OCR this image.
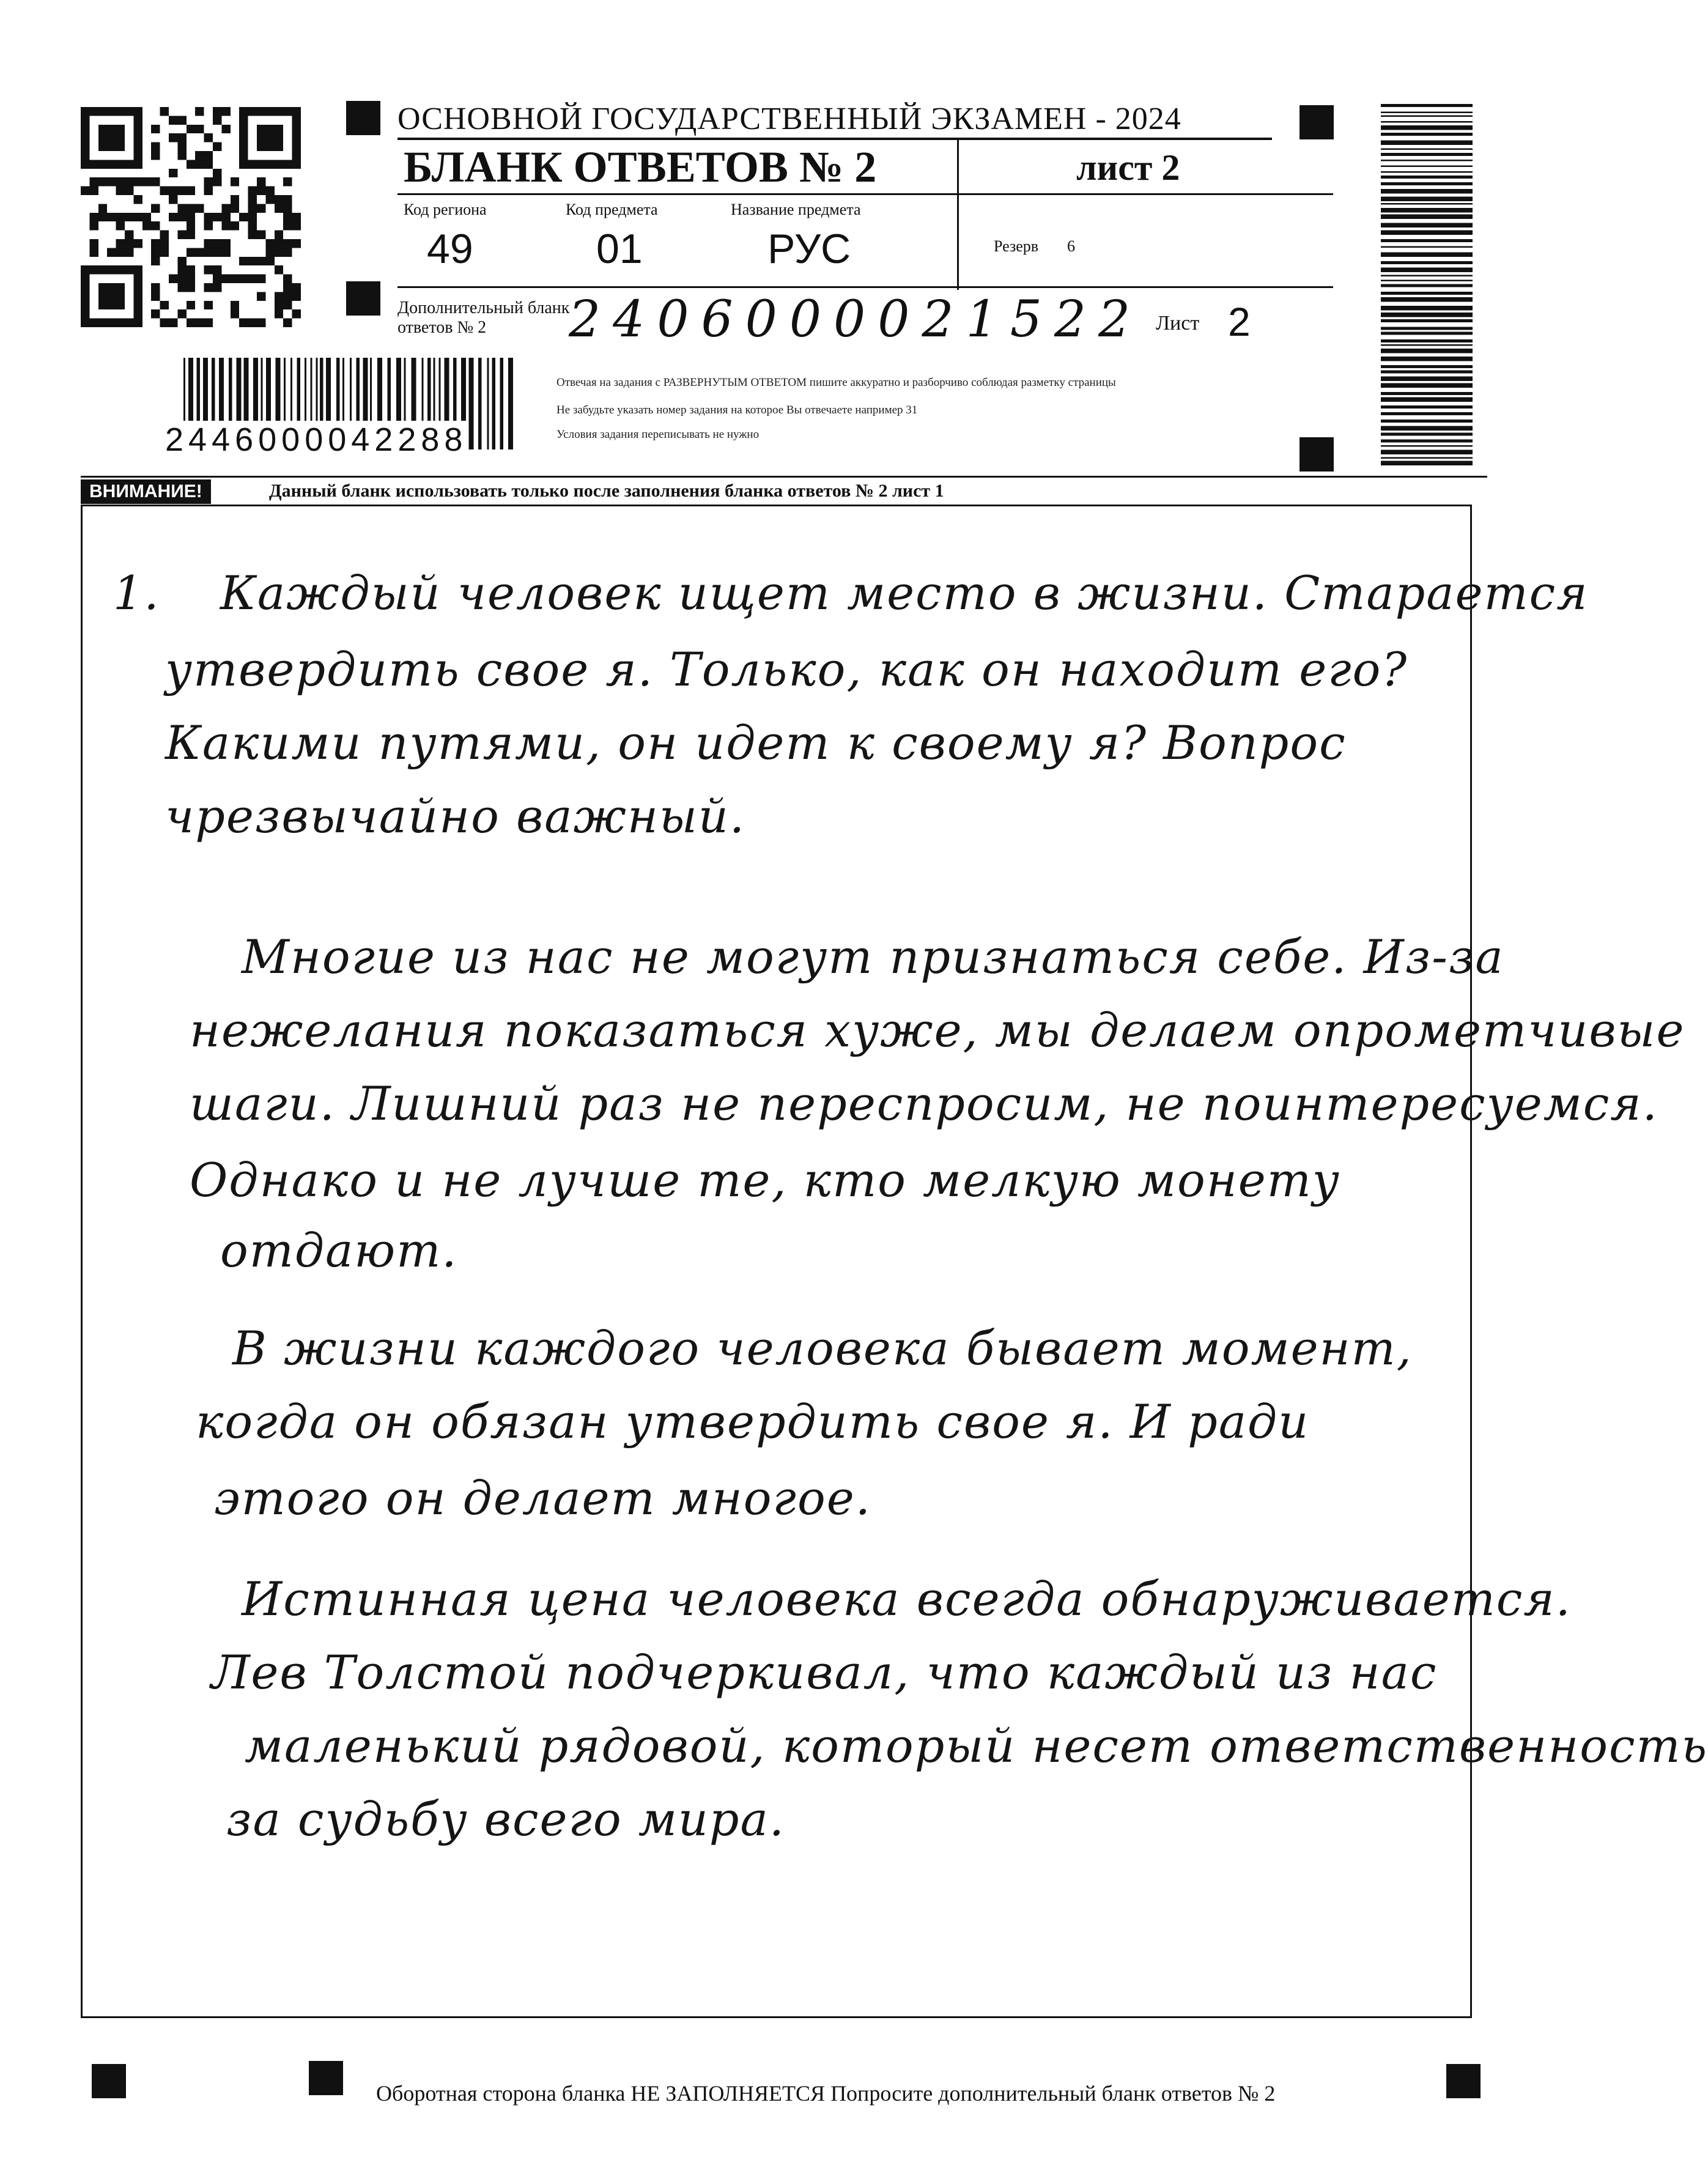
ОСНОВНОЙ ГОСУДАРСТВЕННЫЙ ЭКЗАМЕН - 2024
БЛАНК ОТВЕТОВ № 2	лист 2
Код региона
49
Код предмета
01
Название предмета
РУС	Резерв 6
Дополнительный бланк ответов № 2	2406000021522 Лист 2
Отвечая на задания с РАЗВЕРНУТЫМ ОТВЕТОМ пишите аккуратно и разборчиво соблюдая разметку страницы
Не забудьте указать номер задания на которое Вы отвечаете например 31
Условия задания переписывать не нужно
2446000042288
ВНИМАНИЕ!	Данный бланк использовать только после заполнения бланка ответов № 2 лист 1
1. Каждый человек ищет место в жизни. Старается
утвердить свое я. Только, как он находит его?
Какими путями, он идет к своему я? Вопрос
чрезвычайно важный.
Многие из нас не могут признаться себе. Из-за
нежелания показаться хуже, мы делаем опрометчивые
шаги. Лишний раз не переспросим, не поинтересуемся.
Однако и не лучше те, кто мелкую монету
отдают.
В жизни каждого человека бывает момент,
когда он обязан утвердить свое я. И ради
этого он делает многое.
Истинная цена человека всегда обнаруживается.
Лев Толстой подчеркивал, что каждый из нас
маленький рядовой, который несет ответственность
за судьбу всего мира.
Оборотная сторона бланка НЕ ЗАПОЛНЯЕТСЯ Попросите дополнительный бланк ответов № 2
